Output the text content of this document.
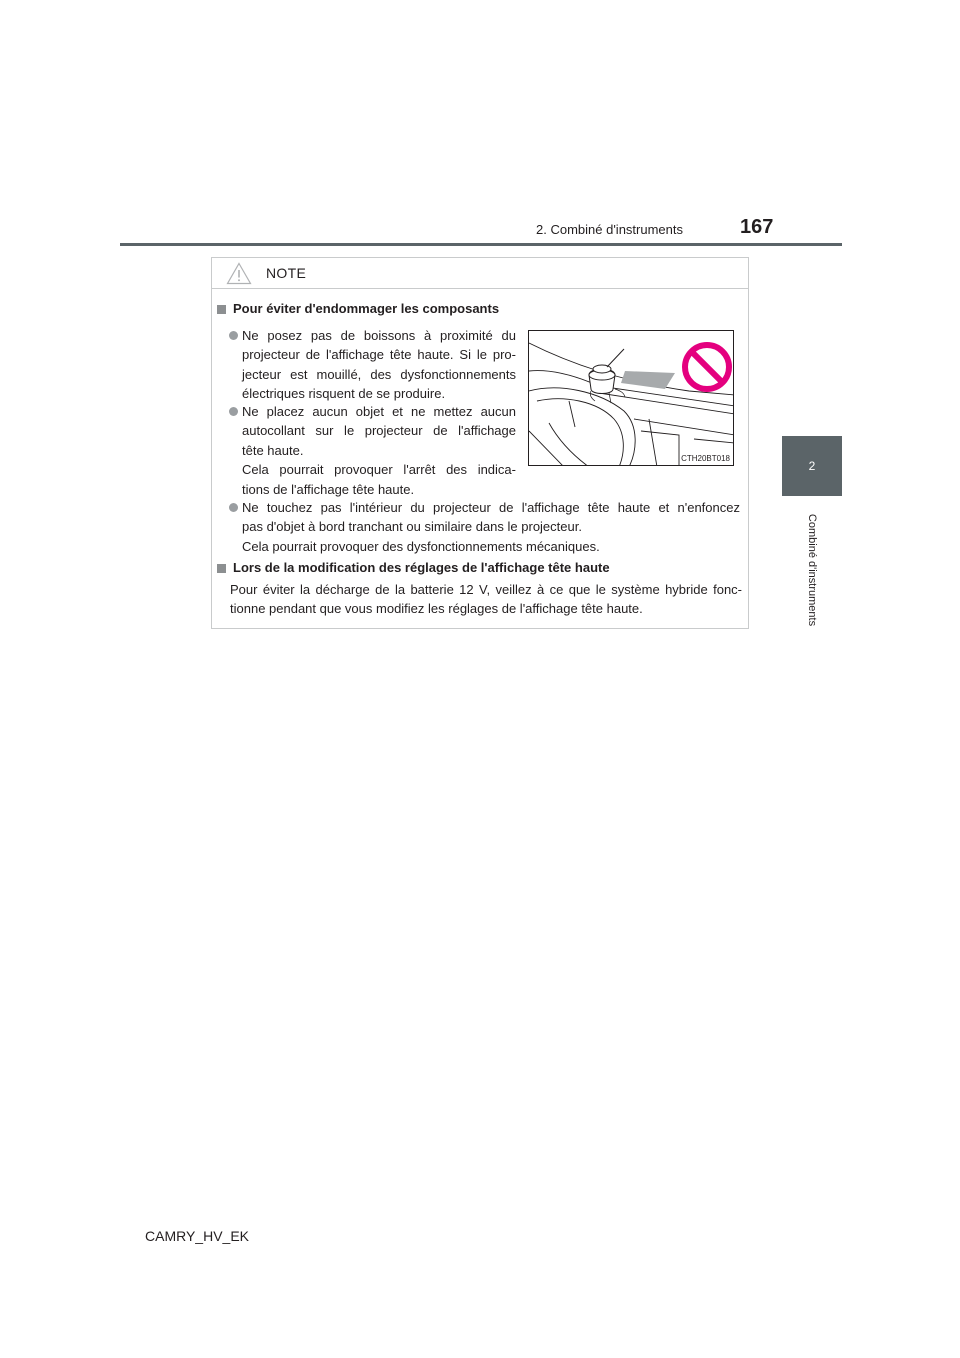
2. Combiné d'instruments	167
2
Combiné d'instruments
NOTE
Pour éviter d'endommager les composants
Ne posez pas de boissons à proximité du
projecteur de l'affichage tête haute. Si le pro-
jecteur est mouillé, des dysfonctionnements
électriques risquent de se produire.
Ne placez aucun objet et ne mettez aucun
autocollant sur le projecteur de l'affichage
tête haute.
Cela pourrait provoquer l'arrêt des indica-
tions de l'affichage tête haute.
CTH20BT018
Ne touchez pas l'intérieur du projecteur de l'affichage tête haute et n'enfoncez
pas d'objet à bord tranchant ou similaire dans le projecteur.
Cela pourrait provoquer des dysfonctionnements mécaniques.
Lors de la modification des réglages de l'affichage tête haute
Pour éviter la décharge de la batterie 12 V, veillez à ce que le système hybride fonc-
tionne pendant que vous modifiez les réglages de l'affichage tête haute.
CAMRY_HV_EK
